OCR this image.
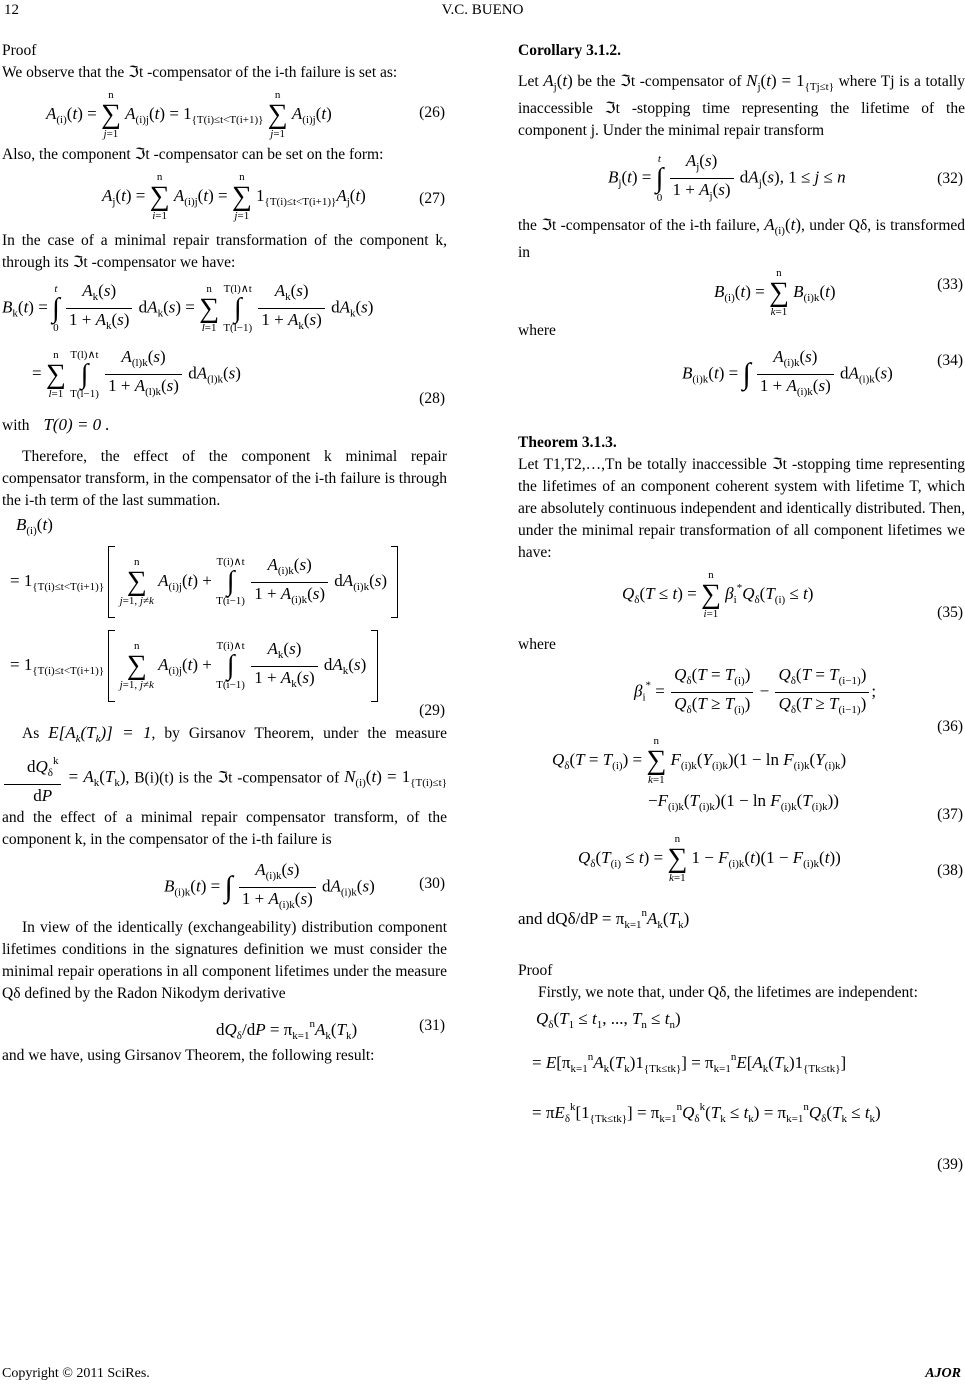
12	V.C. BUENO

Proof

We observe that the ℑt -compensator of the i-th failure is set as:

$A_{(i)}(t) = n$
∑
j=1 $A_{(i)j}(t) = 1_{\{T(i)\le t<T(i+1)\}}$ n
∑
j=1 $A_{(i)j}(t)$	(26)

Also, the component ℑt -compensator can be set on the form:

$A_j(t) = n$
∑
i=1 $A_{(i)j}(t) = n$
∑
j=1 $1_{\{T(i)\le t<T(i+1)\}}A_j(t)$	(27)

In the case of a minimal repair transformation of the component k, through its ℑt -compensator we have:

$B_k(t) = t$
∫
$0 \frac{A_k(s)}{1 + A_k(s)} dA_k(s) = n$
∑
l=1 T(l)∧t
∫
$T(l-1) \frac{A_k(s)}{1 + A_k(s)} dA_k(s)$
= n
∑
l=1 T(l)∧t
∫
$T(l-1) \frac{A_{(l)k}(s)}{1 + A_{(l)k}(s)} dA_{(l)k}(s)$
(28)
with T(0) = 0 .

Therefore, the effect of the component k minimal repair compensator transform, in the compensator of the i-th failure is through the i-th term of the last summation.

$B_{(i)}(t)$
= $1_{\{T(i)\le t<T(i+1)\}}$  n
∑
j=1, j≠k $A_{(i)j}(t)$ + T(i)∧t
∫
$T(i-1) \frac{A_{(i)k}(s)}{1 + A_{(i)k}(s)} dA_{(i)k}(s)$
= $1_{\{T(i)\le t<T(i+1)\}}$  n
∑
j=1, j≠k $A_{(i)j}(t)$ + T(i)∧t
∫
$T(i-1) \frac{A_k(s)}{1 + A_k(s)} dA_k(s)$
(29)

As $E[A_k(T_k)] = 1$, by Girsanov Theorem, under the measure
$\frac{dQ_\delta^k}{dP} = A_k(T_k)$, B(i)(t) is the ℑt -compensator of $N_{(i)}(t) = 1_{\{T(i)\le t\}}$ and the effect of a minimal repair compensator transform, of the component k, in the compensator of the i-th failure is

$B_{(i)k}(t)$ = ∫ $\frac{A_{(i)k}(s)}{1 + A_{(i)k}(s)} dA_{(i)k}(s)$	(30)

In view of the identically (exchangeability) distribution component lifetimes conditions in the signatures definition we must consider the minimal repair operations in all component lifetimes under the measure Qδ defined by the Radon Nikodym derivative

$dQ_\delta/dP = \pi_{k=1}^nA_k(T_k)$	(31)

and we have, using Girsanov Theorem, the following result:

Corollary 3.1.2.

Let $A_j(t)$ be the ℑt -compensator of $N_j(t) = 1_{\{Tj\le t\}}$ where Tj is a totally inaccessible ℑt -stopping time representing the lifetime of the component j. Under the minimal repair transform

$B_j(t) = t$
∫
$0 \frac{A_j(s)}{1 + A_j(s)} dA_j(s)$, 1 ≤ j ≤ n	(32)

the ℑt -compensator of the i-th failure, $A_{(i)}(t)$, under Qδ, is transformed in

$B_{(i)}(t) = n$
∑
k=1 $B_{(i)k}(t)$	(33)

where

$B_{(i)k}(t)$ = ∫ $\frac{A_{(i)k}(s)}{1 + A_{(i)k}(s)} dA_{(i)k}(s)$
(34)

Theorem 3.1.3.

Let T1,T2,…,Tn be totally inaccessible ℑt -stopping time representing the lifetimes of an component coherent system with lifetime T, which are absolutely continuous independent and identically distributed. Then, under the minimal repair transformation of all component lifetimes we have:

$Q_\delta(T \le t) = n$
∑
i=1 $\beta_i^*Q_\delta(T_{(i)} \le t)$
(35)

where

$\beta_i^* = \frac{Q_\delta(T = T_{(i)})}{Q_\delta(T \ge T_{(i)})} - \frac{Q_\delta(T = T_{(i-1)})}{Q_\delta(T \ge T_{(i-1)})}$ ;
(36)
$Q_\delta(T = T_{(i)}) = n$
∑
k=1 $F_{(i)k}(Y_{(i)k})(1 - \ln F_{(i)k}(Y_{(i)k})$
$-F_{(i)k}(T_{(i)k})(1 - \ln F_{(i)k}(T_{(i)k}))$
(37)
$Q_\delta(T_{(i)} \le t) = n$
∑
k=1 $1 - F_{(i)k}(t)(1 - F_{(i)k}(t))$
(38)
and $dQ\delta/dP = \pi_{k=1}^nA_k(T_k)$

Proof

Firstly, we note that, under Qδ, the lifetimes are independent:

$Q_\delta(T_1 \le t_1$, ..., $T_n \le t_n$)
= $E[\pi_{k=1}^nA_k(T_k)1_{\{Tk\le tk\}}] = \pi_{k=1}^nE[A_k(T_k)1_{\{Tk\le tk\}}]$
= $\pi E_\delta^k[1_{\{Tk\le tk\}}] = \pi_{k=1}^nQ_\delta^k(T_k \le t_k) = \pi_{k=1}^nQ_\delta(T_k \le t_k)$
(39)
Copyright © 2011 SciRes.	AJOR
